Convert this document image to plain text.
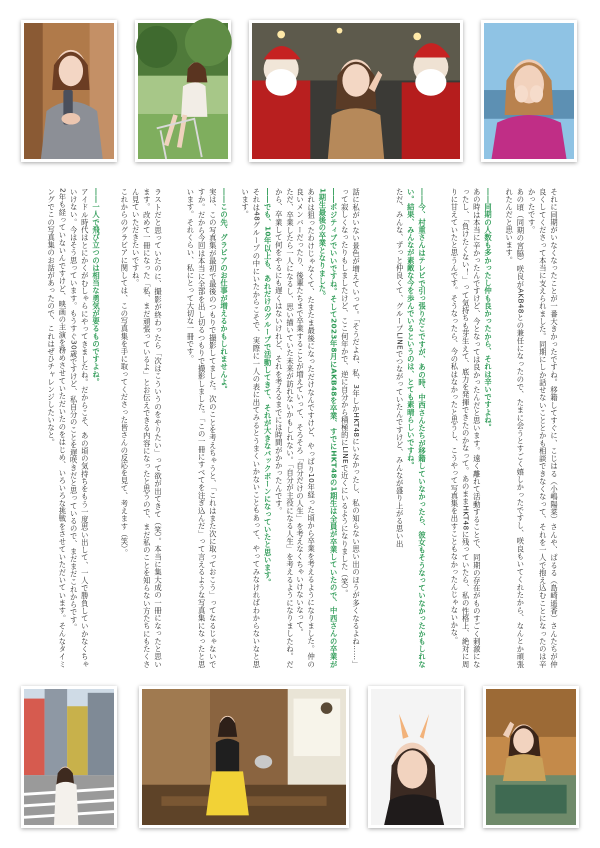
それに同期がいなくなったことが一番大きかったですね。移籍してすぐに、こじはる（小嶋陽菜）さんや、ぱるる（島崎遥香）さんたちが仲良くしてくださって本当に支えられました。同期にしか話せないこととかも相談できなくなって、それを一人で抱え込むことになったのは辛かったです。

あの頃（同期の宮脇）咲良がAKB48との兼任になったので、たまに会うとすごく嬉しかったですし、咲良もいてくれたから、なんとか頑張れたんだと思います。

――同期の人数も多かったし仲も良かったから、それは辛いですよね。

あの時は本当に辛かったんですけど、今となっては良かったんだと思います。遠く離れて活動することで、同期の存在がものすごく刺激になったし、「負けたくない！」って気持ちも芽生えて、底力を発揮できたのかなって。あのままHKT48に残っていたら、私の性格上、絶対に周りに甘えていたと思うんです。そうなったら、今の私はなかったと思うし、こうやって写真集を出すこともなかったんじゃないかな。

――今、村重さんはテレビで引っ張りだこですが、あの時、中西さんたちが移籍していなかったら、彼女もそうなっていなかったかもしれない。結果、みんなが素敵な今を歩んでいるというのは、とても素晴らしいですね。

ただ、みんな、ずっと仲良くて、グループLINEでつながっていたんですけど、みんなが盛り上がる思い出

話に私がいない景色が増えていって。「そうだよね、私、3年しかHKT48にいなかったし、私の知らない思い出のほうが多くなるよね……」って寂しくなったりもしましたけど、ここ何年かで、逆に自分から積極的にLINEで近くにいるようになりました（笑）。

――ポジティブでいいですね。そして2023年8月にAKB48を卒業、すでにHKT48の1期生は全員が卒業していたので、中西さんの卒業が1期生最後の卒業となりました。

あれは狙ったわけじゃなくて、たまたま最後になっただけなんですけど、やっぱり10年経った頃から卒業を考えるようになりました。仲の良いメンバーだったり、後輩たちまで卒業することが増えていって、そろそろ「自分だけの人生」を考えなくちゃいけないなって。

ただ、卒業したら一人になるし、思い描いていた未来が訪れないかもしれない。「自分が主役になる人生」を考えるようになりましたね。だから、卒業して何をやるにも遅くはないけれど、それを考えるまでには時間がかかったんです。

――でも、10年以上も、あれだけのグループで活動してきて、それが大きなバックボーンになっていたと思います。

それは48グループの中にいたからこそで、実際に一人の表に出てみるとうまくいかないこともあって、やってみなければわからないなと思います。

――この先、グラビアのお仕事が増えるかもしれませんよ。

実は、この写真集が最初で最後のつもりで撮影してました。次のことを考えちゃうと、「これはまた次に取っておこう」ってなるじゃないですか。だから今回は本当に全部を出し切るつもりで撮影しました。「この一冊にすべてを注ぎ込んだ」って言えるような写真集になったと思います。それくらい、私にとって大切な一冊です。

ラストだと思っていたのに、撮影が終わったら「次はこういうのをやりたい」って欲が出てきて（笑）。本当に集大成の一冊になったと思います。改めて一冊になった「私、まだ頑張っているよ」とお伝えできる内容になったと思うので、まだ私のことを知らない方たちにもたくさん見ていただきたいですね。

これからのグラビアに関しては、この写真集を手に取ってくださった皆さんの反応を見て、考えます（笑）。

――一人で飛び立つのは相当な勇気が要るものですよね。

アイドル時代はとにかくがむしゃらにやってきましたね。だからこそ、あの頃の気持ちをもう一度思い出して、一人で勝負していかなくちゃいけない。今はそう思っています。もうすぐ30歳ですけど、私自分のことを遅咲きだと思っているので、まだまだこれからです。

2年も経っていないんですけど、映画の主演を務めさせていただいたのをはじめ、いろいろな挑戦をさせていただいています。そんなタイミングでこの写真集のお話があったので、これはぜひチャレンジしたいなと。
